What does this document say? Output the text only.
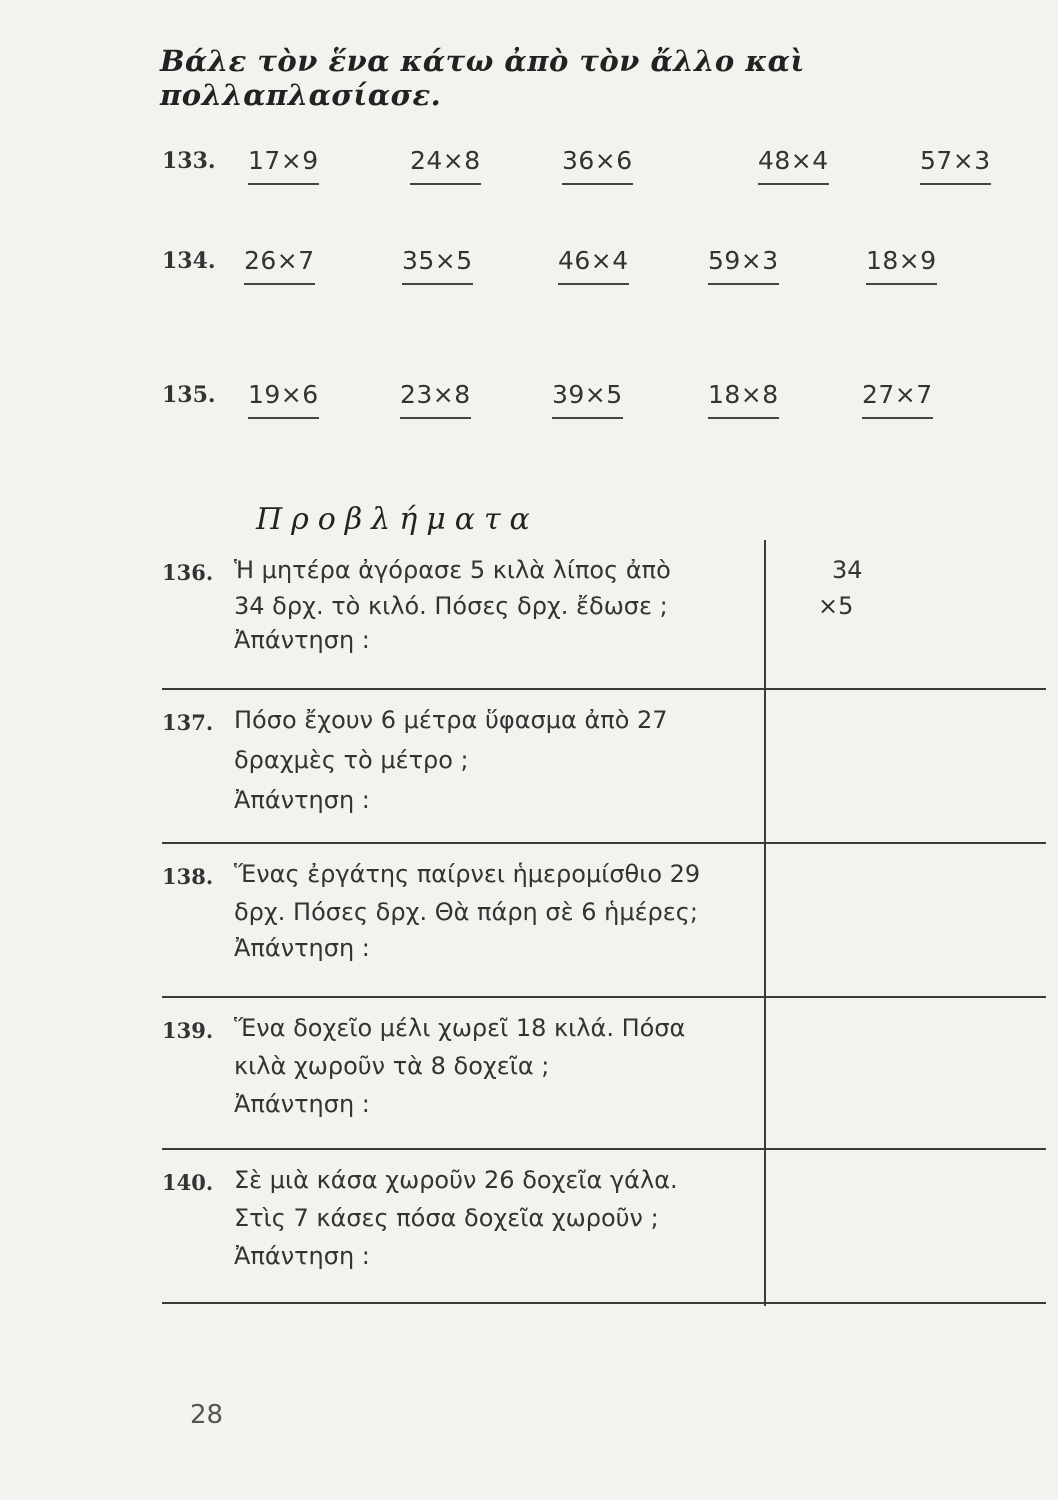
Βάλε τὸν ἕνα κάτω ἀπὸ τὸν ἄλλο καὶ πολλαπλασίασε.
133. 17×9	24×8	36×6	48×4	57×3
134. 26×7	35×5	46×4	59×3	18×9
135. 19×6	23×8	39×5	18×8	27×7
Προβλήματα
136. Ἡ μητέρα ἀγόρασε 5 κιλὰ λίπος ἀπὸ
34 δρχ. τὸ κιλό. Πόσες δρχ. ἔδωσε ;
Ἀπάντηση :
34
×5
137. Πόσο ἔχουν 6 μέτρα ὕφασμα ἀπὸ 27
δραχμὲς τὸ μέτρο ;
Ἀπάντηση :
138. Ἕνας ἐργάτης παίρνει ἡμερομίσθιο 29
δρχ. Πόσες δρχ. Θὰ πάρη σὲ 6 ἡμέρες;
Ἀπάντηση :
139. Ἕνα δοχεῖο μέλι χωρεῖ 18 κιλά. Πόσα
κιλὰ χωροῦν τὰ 8 δοχεῖα ;
Ἀπάντηση :
140. Σὲ μιὰ κάσα χωροῦν 26 δοχεῖα γάλα.
Στὶς 7 κάσες πόσα δοχεῖα χωροῦν ;
Ἀπάντηση :
28
